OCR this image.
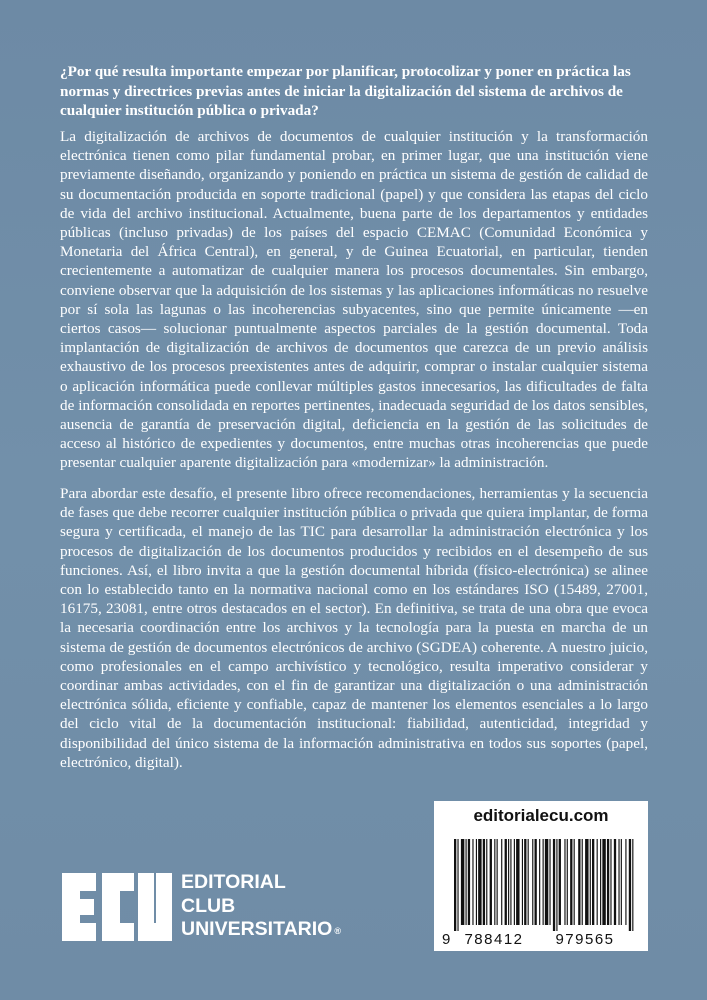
¿Por qué resulta importante empezar por planificar, protocolizar y poner en práctica las normas y directrices previas antes de iniciar la digitalización del sistema de archivos de cualquier institución pública o privada?

La digitalización de archivos de documentos de cualquier institución y la transformación electrónica tienen como pilar fundamental probar, en primer lugar, que una institución viene previamente diseñando, organizando y poniendo en práctica un sistema de gestión de calidad de su documentación producida en soporte tradicional (papel) y que considera las etapas del ciclo de vida del archivo institucional. Actualmente, buena parte de los departamentos y entidades públicas (incluso privadas) de los países del espacio CEMAC (Comunidad Económica y Monetaria del África Central), en general, y de Guinea Ecuatorial, en particular, tienden crecientemente a automatizar de cualquier manera los procesos documentales. Sin embargo, conviene observar que la adquisición de los sistemas y las aplicaciones informáticas no resuelve por sí sola las lagunas o las incoherencias subyacentes, sino que permite únicamente —en ciertos casos— solucionar puntualmente aspectos parciales de la gestión documental. Toda implantación de digitalización de archivos de documentos que carezca de un previo análisis exhaustivo de los procesos preexistentes antes de adquirir, comprar o instalar cualquier sistema o aplicación informática puede conllevar múltiples gastos innecesarios, las dificultades de falta de información consolidada en reportes pertinentes, inadecuada seguridad de los datos sensibles, ausencia de garantía de preservación digital, deficiencia en la gestión de las solicitudes de acceso al histórico de expedientes y documentos, entre muchas otras incoherencias que puede presentar cualquier aparente digitalización para «modernizar» la administración.

Para abordar este desafío, el presente libro ofrece recomendaciones, herramientas y la secuencia de fases que debe recorrer cualquier institución pública o privada que quiera implantar, de forma segura y certificada, el manejo de las TIC para desarrollar la administración electrónica y los procesos de digitalización de los documentos producidos y recibidos en el desempeño de sus funciones. Así, el libro invita a que la gestión documental híbrida (físico-electrónica) se alinee con lo establecido tanto en la normativa nacional como en los estándares ISO (15489, 27001, 16175, 23081, entre otros destacados en el sector). En definitiva, se trata de una obra que evoca la necesaria coordinación entre los archivos y la tecnología para la puesta en marcha de un sistema de gestión de documentos electrónicos de archivo (SGDEA) coherente. A nuestro juicio, como profesionales en el campo archivístico y tecnológico, resulta imperativo considerar y coordinar ambas actividades, con el fin de garantizar una digitalización o una administración electrónica sólida, eficiente y confiable, capaz de mantener los elementos esenciales a lo largo del ciclo vital de la documentación institucional: fiabilidad, autenticidad, integridad y disponibilidad del único sistema de la información administrativa en todos sus soportes (papel, electrónico, digital).

editorialecu.com
9 788412 979565
EDITORIAL
CLUB
UNIVERSITARIO ®
